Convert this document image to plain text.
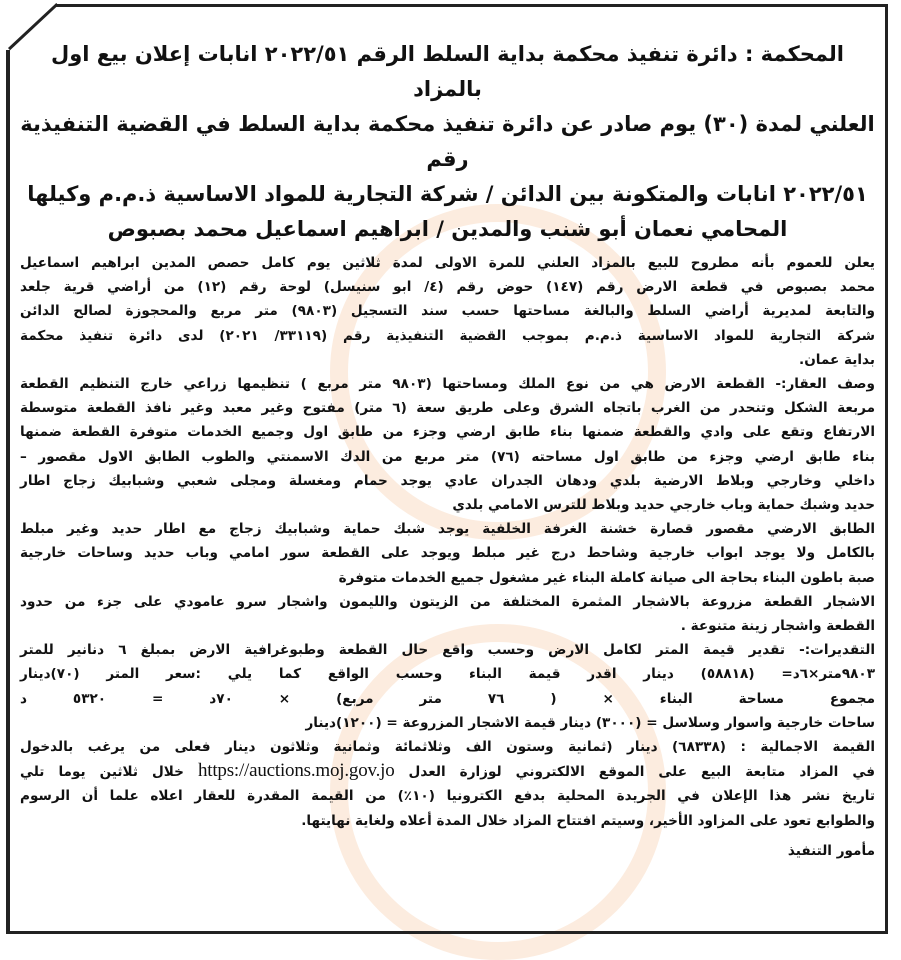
المحكمة : دائرة تنفيذ محكمة بداية السلط الرقم ٢٠٢٢/٥١ انابات إعلان بيع اول بالمزاد
العلني لمدة (٣٠) يوم صادر عن دائرة تنفيذ محكمة بداية السلط في القضية التنفيذية رقم
٢٠٢٢/٥١ انابات والمتكونة بين الدائن / شركة التجارية للمواد الاساسية ذ.م.م وكيلها
المحامي نعمان أبو شنب والمدين / ابراهيم اسماعيل محمد بصبوص
يعلن للعموم بأنه مطروح للبيع بالمزاد العلني للمرة الاولى لمدة ثلاثين يوم كامل حصص المدين ابراهيم اسماعيل
محمد بصبوص في قطعة الارض رقم (١٤٧) حوض رقم (٤/ ابو سنيسل) لوحة رقم (١٢) من أراضي قرية جلعد
والتابعة لمديرية أراضي السلط والبالغة مساحتها حسب سند التسجيل (٩٨٠٣) متر مربع والمحجوزة لصالح الدائن
شركة التجارية للمواد الاساسية ذ.م.م بموجب القضية التنفيذية رقم (٣٣١١٩/ ٢٠٢١) لدى دائرة تنفيذ محكمة
بداية عمان.
وصف العقار:- القطعة الارض هي من نوع الملك ومساحتها (٩٨٠٣ متر مربع ) تنظيمها زراعي خارج التنظيم القطعة
مربعة الشكل وتنحدر من الغرب باتجاه الشرق وعلى طريق سعة (٦ متر) مفتوح وغير معبد وغير نافذ القطعة متوسطة
الارتفاع وتقع على وادي والقطعة ضمنها بناء طابق ارضي وجزء من طابق اول وجميع الخدمات متوفرة القطعة ضمنها
بناء طابق ارضي وجزء من طابق اول مساحته (٧٦) متر مربع من الدك الاسمنتي والطوب الطابق الاول مقصور –
داخلي وخارجي وبلاط الارضية بلدي ودهان الجدران عادي يوجد حمام ومغسلة ومجلى شعبي وشبابيك زجاج اطار
حديد وشبك حماية وباب خارجي حديد وبلاط للترس الامامي بلدي
الطابق الارضي مقصور قصارة خشنة الغرفة الخلفية يوجد شبك حماية وشبابيك زجاج مع اطار حديد وغير مبلط
بالكامل ولا يوجد ابواب خارجية وشاحط درج غير مبلط ويوجد على القطعة سور امامي وباب حديد وساحات خارجية
صبة باطون البناء بحاجة الى صيانة كاملة البناء غير مشغول جميع الخدمات متوفرة
الاشجار القطعة مزروعة بالاشجار المثمرة المختلفة من الزيتون والليمون واشجار سرو عامودي على جزء من حدود
القطعة واشجار زينة متنوعة .
التقديرات:- تقدير قيمة المتر لكامل الارض وحسب واقع حال القطعة وطبوغرافية الارض بمبلغ ٦ دنانير للمتر
٩٨٠٣متر×٦د= (٥٨٨١٨) دينار اقدر قيمة البناء وحسب الواقع كما يلي :سعر المتر (٧٠)دينار
مجموع مساحة البناء × ( ٧٦ متر مربع) × ٧٠د = ٥٣٢٠ د
ساحات خارجية واسوار وسلاسل = (٣٠٠٠) دينار قيمة الاشجار المزروعة = (١٢٠٠)دينار
القيمة الاجمالية : (٦٨٣٣٨) دينار (ثمانية وستون الف وثلاثمائة وثمانية وثلاثون دينار فعلى من يرغب بالدخول
في المزاد متابعة البيع على الموقع الالكتروني لوزارة العدل https://auctions.moj.gov.jo خلال ثلاثين يوما تلي
تاريخ نشر هذا الإعلان في الجريدة المحلية بدفع الكترونيا (١٠٪) من القيمة المقدرة للعقار اعلاه علما أن الرسوم
والطوابع تعود على المزاود الأخير، وسيتم افتتاح المزاد خلال المدة أعلاه ولغاية نهايتها.
مأمور التنفيذ
